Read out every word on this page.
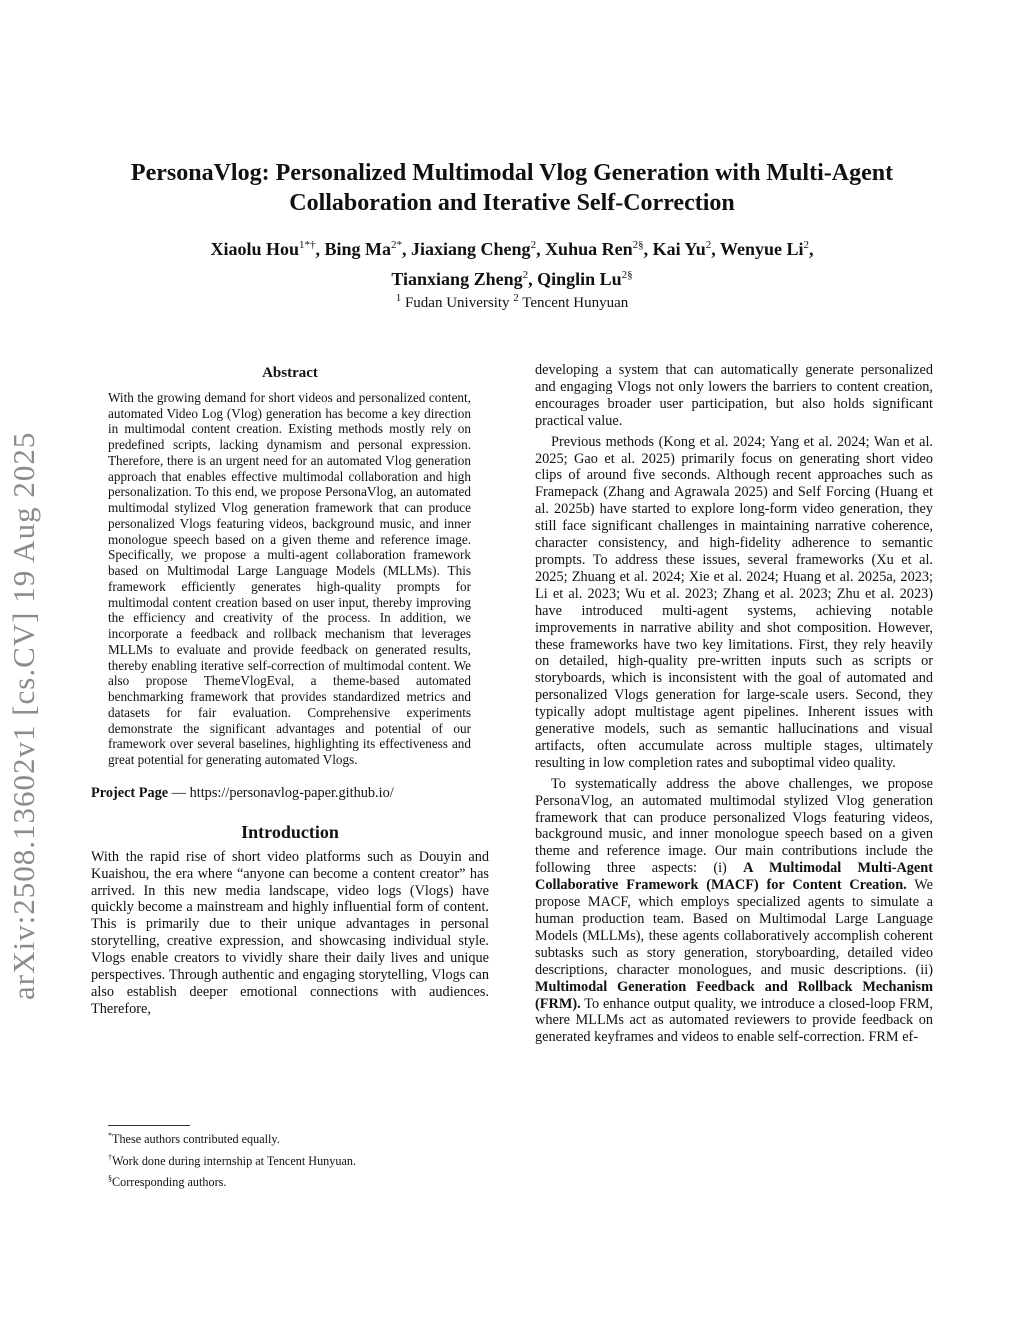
arXiv:2508.13602v1 [cs.CV] 19 Aug 2025
PersonaVlog: Personalized Multimodal Vlog Generation with Multi-Agent
Collaboration and Iterative Self-Correction
Xiaolu Hou$^{1*\dagger}$, Bing $Ma^{2*}$, Jiaxiang Cheng$^2$, Xuhua Ren$^{2\S}$, Kai Yu$^2$, Wenyue Li$^2$,
Tianxiang Zheng$^2$, Qinglin $Lu^{2\S}$
$^1$ Fudan University $^2$ Tencent Hunyuan
Abstract

With the growing demand for short videos and personalized content, automated Video Log (Vlog) generation has become a key direction in multimodal content creation. Existing methods mostly rely on predefined scripts, lacking dynamism and personal expression. Therefore, there is an urgent need for an automated Vlog generation approach that enables effective multimodal collaboration and high personalization. To this end, we propose PersonaVlog, an automated multimodal stylized Vlog generation framework that can produce personalized Vlogs featuring videos, background music, and inner monologue speech based on a given theme and reference image. Specifically, we propose a multi-agent collaboration framework based on Multimodal Large Language Models (MLLMs). This framework efficiently generates high-quality prompts for multimodal content creation based on user input, thereby improving the efficiency and creativity of the process. In addition, we incorporate a feedback and rollback mechanism that leverages MLLMs to evaluate and provide feedback on generated results, thereby enabling iterative self-correction of multimodal content. We also propose ThemeVlogEval, a theme-based automated benchmarking framework that provides standardized metrics and datasets for fair evaluation. Comprehensive experiments demonstrate the significant advantages and potential of our framework over several baselines, highlighting its effectiveness and great potential for generating automated Vlogs.

Project Page — https://personavlog-paper.github.io/

Introduction

With the rapid rise of short video platforms such as Douyin and Kuaishou, the era where “anyone can become a content creator” has arrived. In this new media landscape, video logs (Vlogs) have quickly become a mainstream and highly influential form of content. This is primarily due to their unique advantages in personal storytelling, creative expression, and showcasing individual style. Vlogs enable creators to vividly share their daily lives and unique perspectives. Through authentic and engaging storytelling, Vlogs can also establish deeper emotional connections with audiences. Therefore,

*These authors contributed equally.
†Work done during internship at Tencent Hunyuan.
§Corresponding authors.

developing a system that can automatically generate personalized and engaging Vlogs not only lowers the barriers to content creation, encourages broader user participation, but also holds significant practical value.

Previous methods (Kong et al. 2024; Yang et al. 2024; Wan et al. 2025; Gao et al. 2025) primarily focus on generating short video clips of around five seconds. Although recent approaches such as Framepack (Zhang and Agrawala 2025) and Self Forcing (Huang et al. 2025b) have started to explore long-form video generation, they still face significant challenges in maintaining narrative coherence, character consistency, and high-fidelity adherence to semantic prompts. To address these issues, several frameworks (Xu et al. 2025; Zhuang et al. 2024; Xie et al. 2024; Huang et al. 2025a, 2023; Li et al. 2023; Wu et al. 2023; Zhang et al. 2023; Zhu et al. 2023) have introduced multi-agent systems, achieving notable improvements in narrative ability and shot composition. However, these frameworks have two key limitations. First, they rely heavily on detailed, high-quality pre-written inputs such as scripts or storyboards, which is inconsistent with the goal of automated and personalized Vlogs generation for large-scale users. Second, they typically adopt multistage agent pipelines. Inherent issues with generative models, such as semantic hallucinations and visual artifacts, often accumulate across multiple stages, ultimately resulting in low completion rates and suboptimal video quality.

To systematically address the above challenges, we propose PersonaVlog, an automated multimodal stylized Vlog generation framework that can produce personalized Vlogs featuring videos, background music, and inner monologue speech based on a given theme and reference image. Our main contributions include the following three aspects: (i) A Multimodal Multi-Agent Collaborative Framework (MACF) for Content Creation. We propose MACF, which employs specialized agents to simulate a human production team. Based on Multimodal Large Language Models (MLLMs), these agents collaboratively accomplish coherent subtasks such as story generation, storyboarding, detailed video descriptions, character monologues, and music descriptions. (ii) Multimodal Generation Feedback and Rollback Mechanism (FRM). To enhance output quality, we introduce a closed-loop FRM, where MLLMs act as automated reviewers to provide feedback on generated keyframes and videos to enable self-correction. FRM ef-
